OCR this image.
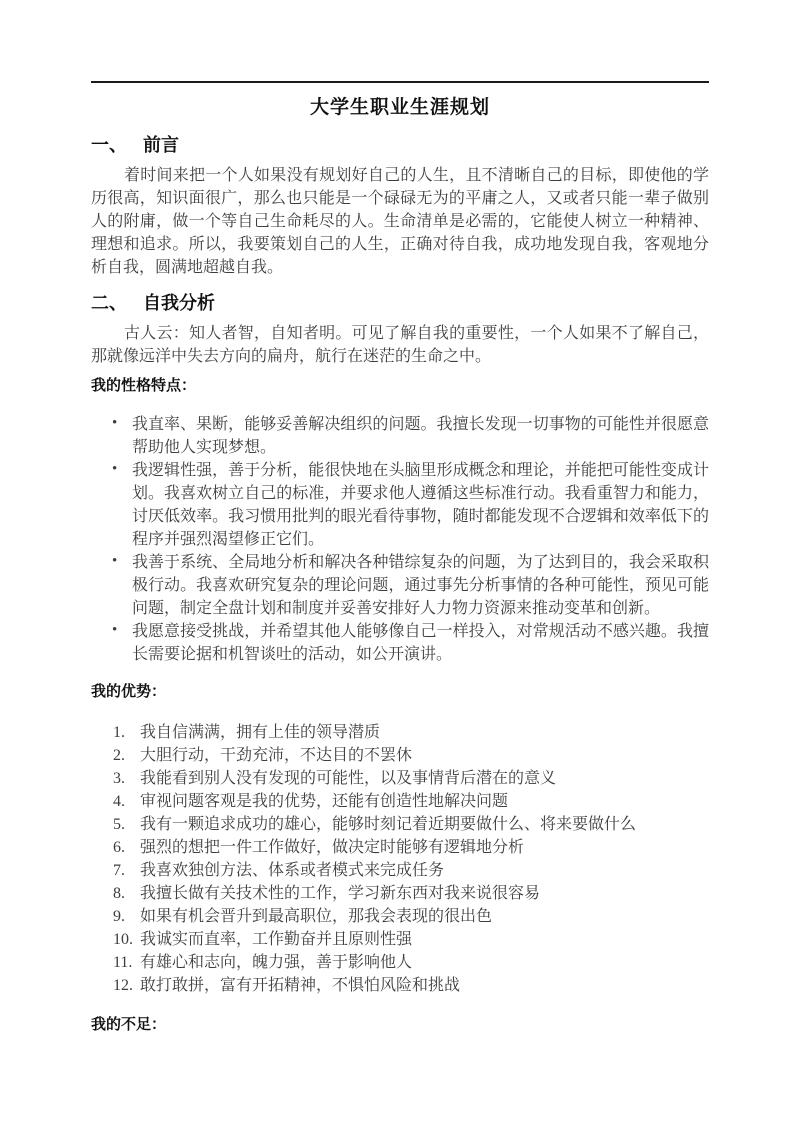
大学生职业生涯规划
一、 前言

着时间来把一个人如果没有规划好自己的人生，且不清晰自己的目标，即使他的学历很高，知识面很广，那么也只能是一个碌碌无为的平庸之人，又或者只能一辈子做别人的附庸，做一个等自己生命耗尽的人。生命清单是必需的，它能使人树立一种精神、理想和追求。所以，我要策划自己的人生，正确对待自我，成功地发现自我，客观地分析自我，圆满地超越自我。

二、 自我分析

古人云：知人者智，自知者明。可见了解自我的重要性，一个人如果不了解自己，那就像远洋中失去方向的扁舟，航行在迷茫的生命之中。

我的性格特点：
• 我直率、果断，能够妥善解决组织的问题。我擅长发现一切事物的可能性并很愿意帮助他人实现梦想。
• 我逻辑性强，善于分析，能很快地在头脑里形成概念和理论，并能把可能性变成计划。我喜欢树立自己的标准，并要求他人遵循这些标准行动。我看重智力和能力，讨厌低效率。我习惯用批判的眼光看待事物，随时都能发现不合逻辑和效率低下的程序并强烈渴望修正它们。
• 我善于系统、全局地分析和解决各种错综复杂的问题，为了达到目的，我会采取积极行动。我喜欢研究复杂的理论问题，通过事先分析事情的各种可能性，预见可能问题，制定全盘计划和制度并妥善安排好人力物力资源来推动变革和创新。
• 我愿意接受挑战，并希望其他人能够像自己一样投入，对常规活动不感兴趣。我擅长需要论据和机智谈吐的活动，如公开演讲。
我的优势：
1. 我自信满满，拥有上佳的领导潜质
2. 大胆行动，干劲充沛，不达目的不罢休
3. 我能看到别人没有发现的可能性，以及事情背后潜在的意义
4. 审视问题客观是我的优势，还能有创造性地解决问题
5. 我有一颗追求成功的雄心，能够时刻记着近期要做什么、将来要做什么
6. 强烈的想把一件工作做好，做决定时能够有逻辑地分析
7. 我喜欢独创方法、体系或者模式来完成任务
8. 我擅长做有关技术性的工作，学习新东西对我来说很容易
9. 如果有机会晋升到最高职位，那我会表现的很出色
10. 我诚实而直率，工作勤奋并且原则性强
11. 有雄心和志向，魄力强，善于影响他人
12. 敢打敢拼，富有开拓精神，不惧怕风险和挑战
我的不足：
